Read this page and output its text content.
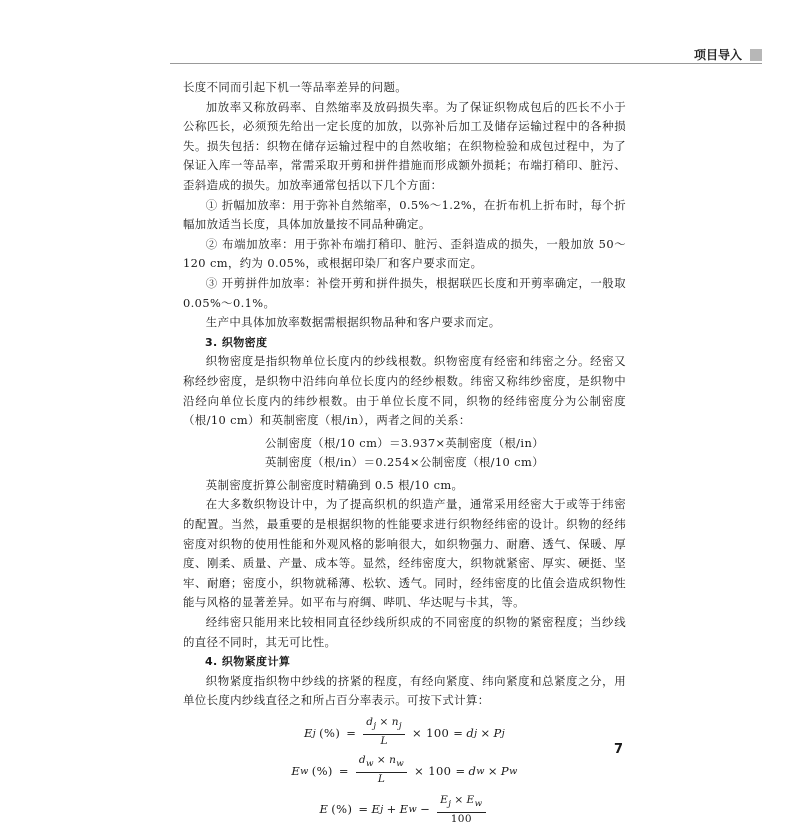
项目导入

长度不同而引起下机一等品率差异的问题。

加放率又称放码率、自然缩率及放码损失率。为了保证织物成包后的匹长不小于公称匹长，必须预先给出一定长度的加放，以弥补后加工及储存运输过程中的各种损失。损失包括：织物在储存运输过程中的自然收缩；在织物检验和成包过程中，为了保证入库一等品率，常需采取开剪和拼件措施而形成额外损耗；布端打稍印、脏污、歪斜造成的损失。加放率通常包括以下几个方面：

① 折幅加放率：用于弥补自然缩率，0.5%～1.2%，在折布机上折布时，每个折幅加放适当长度，具体加放量按不同品种确定。

② 布端加放率：用于弥补布端打稍印、脏污、歪斜造成的损失，一般加放 50～120 cm，约为 0.05%，或根据印染厂和客户要求而定。

③ 开剪拼件加放率：补偿开剪和拼件损失，根据联匹长度和开剪率确定，一般取 0.05%～0.1%。

生产中具体加放率数据需根据织物品种和客户要求而定。

3. 织物密度

织物密度是指织物单位长度内的纱线根数。织物密度有经密和纬密之分。经密又称经纱密度，是织物中沿纬向单位长度内的经纱根数。纬密又称纬纱密度，是织物中沿经向单位长度内的纬纱根数。由于单位长度不同，织物的经纬密度分为公制密度（根/10 cm）和英制密度（根/in），两者之间的关系：

公制密度（根/10 cm）＝3.937×英制密度（根/in）

英制密度（根/in）＝0.254×公制密度（根/10 cm）

英制密度折算公制密度时精确到 0.5 根/10 cm。

在大多数织物设计中，为了提高织机的织造产量，通常采用经密大于或等于纬密的配置。当然，最重要的是根据织物的性能要求进行织物经纬密的设计。织物的经纬密度对织物的使用性能和外观风格的影响很大，如织物强力、耐磨、透气、保暖、厚度、刚柔、质量、产量、成本等。显然，经纬密度大，织物就紧密、厚实、硬挺、坚牢、耐磨；密度小，织物就稀薄、松软、透气。同时，经纬密度的比值会造成织物性能与风格的显著差异。如平布与府绸、哔叽、华达呢与卡其，等。

经纬密只能用来比较相同直径纱线所织成的不同密度的织物的紧密程度；当纱线的直径不同时，其无可比性。

4. 织物紧度计算

织物紧度指织物中纱线的挤紧的程度，有经向紧度、纬向紧度和总紧度之分，用单位长度内纱线直径之和所占百分率表示。可按下式计算：

E j (%) = $\frac{d_j \times n_j}{L} \times 100 = d$ j × P j
E w (%) = $\frac{d_w \times n_w}{L} \times 100 = d$ w × P w
E (%) = E j + E $w - \frac{E_j \times E_w}{100}$
7
